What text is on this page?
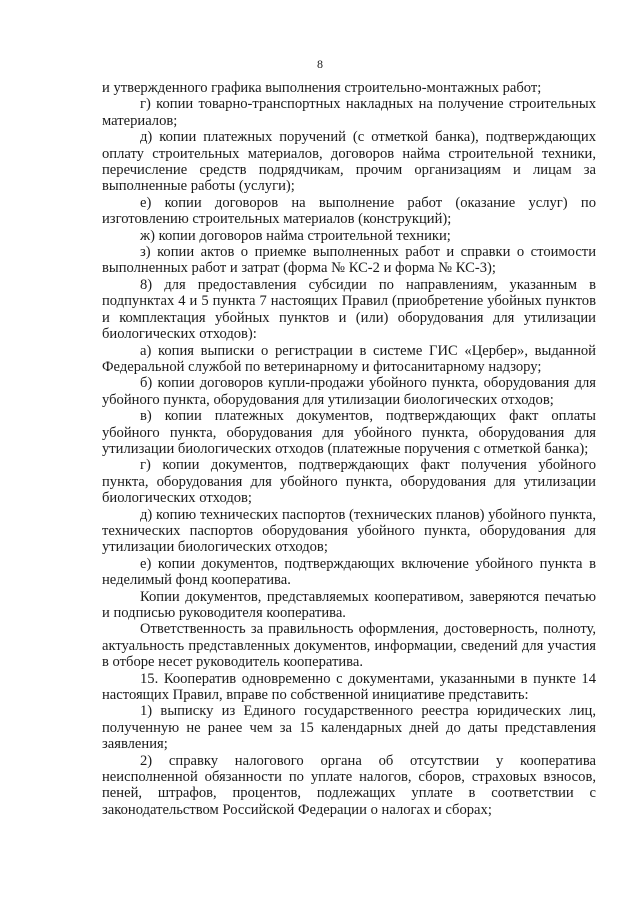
8

и утвержденного графика выполнения строительно-монтажных работ;

г) копии товарно-транспортных накладных на получение строительных материалов;

д) копии платежных поручений (с отметкой банка), подтверждающих оплату строительных материалов, договоров найма строительной техники, перечисление средств подрядчикам, прочим организациям и лицам за выполненные работы (услуги);

е) копии договоров на выполнение работ (оказание услуг) по изготовлению строительных материалов (конструкций);

ж) копии договоров найма строительной техники;

з) копии актов о приемке выполненных работ и справки о стоимости выполненных работ и затрат (форма № КС-2 и форма № КС-3);

8) для предоставления субсидии по направлениям, указанным в подпунктах 4 и 5 пункта 7 настоящих Правил (приобретение убойных пунктов и комплектация убойных пунктов и (или) оборудования для утилизации биологических отходов):

а) копия выписки о регистрации в системе ГИС «Цербер», выданной Федеральной службой по ветеринарному и фитосанитарному надзору;

б) копии договоров купли-продажи убойного пункта, оборудования для убойного пункта, оборудования для утилизации биологических отходов;

в) копии платежных документов, подтверждающих факт оплаты убойного пункта, оборудования для убойного пункта, оборудования для утилизации биологических отходов (платежные поручения с отметкой банка);

г) копии документов, подтверждающих факт получения убойного пункта, оборудования для убойного пункта, оборудования для утилизации биологических отходов;

д) копию технических паспортов (технических планов) убойного пункта, технических паспортов оборудования убойного пункта, оборудования для утилизации биологических отходов;

е) копии документов, подтверждающих включение убойного пункта в неделимый фонд кооператива.

Копии документов, представляемых кооперативом, заверяются печатью и подписью руководителя кооператива.

Ответственность за правильность оформления, достоверность, полноту, актуальность представленных документов, информации, сведений для участия в отборе несет руководитель кооператива.

15. Кооператив одновременно с документами, указанными в пункте 14 настоящих Правил, вправе по собственной инициативе представить:

1) выписку из Единого государственного реестра юридических лиц, полученную не ранее чем за 15 календарных дней до даты представления заявления;

2) справку налогового органа об отсутствии у кооператива неисполненной обязанности по уплате налогов, сборов, страховых взносов, пеней, штрафов, процентов, подлежащих уплате в соответствии с законодательством Российской Федерации о налогах и сборах;
